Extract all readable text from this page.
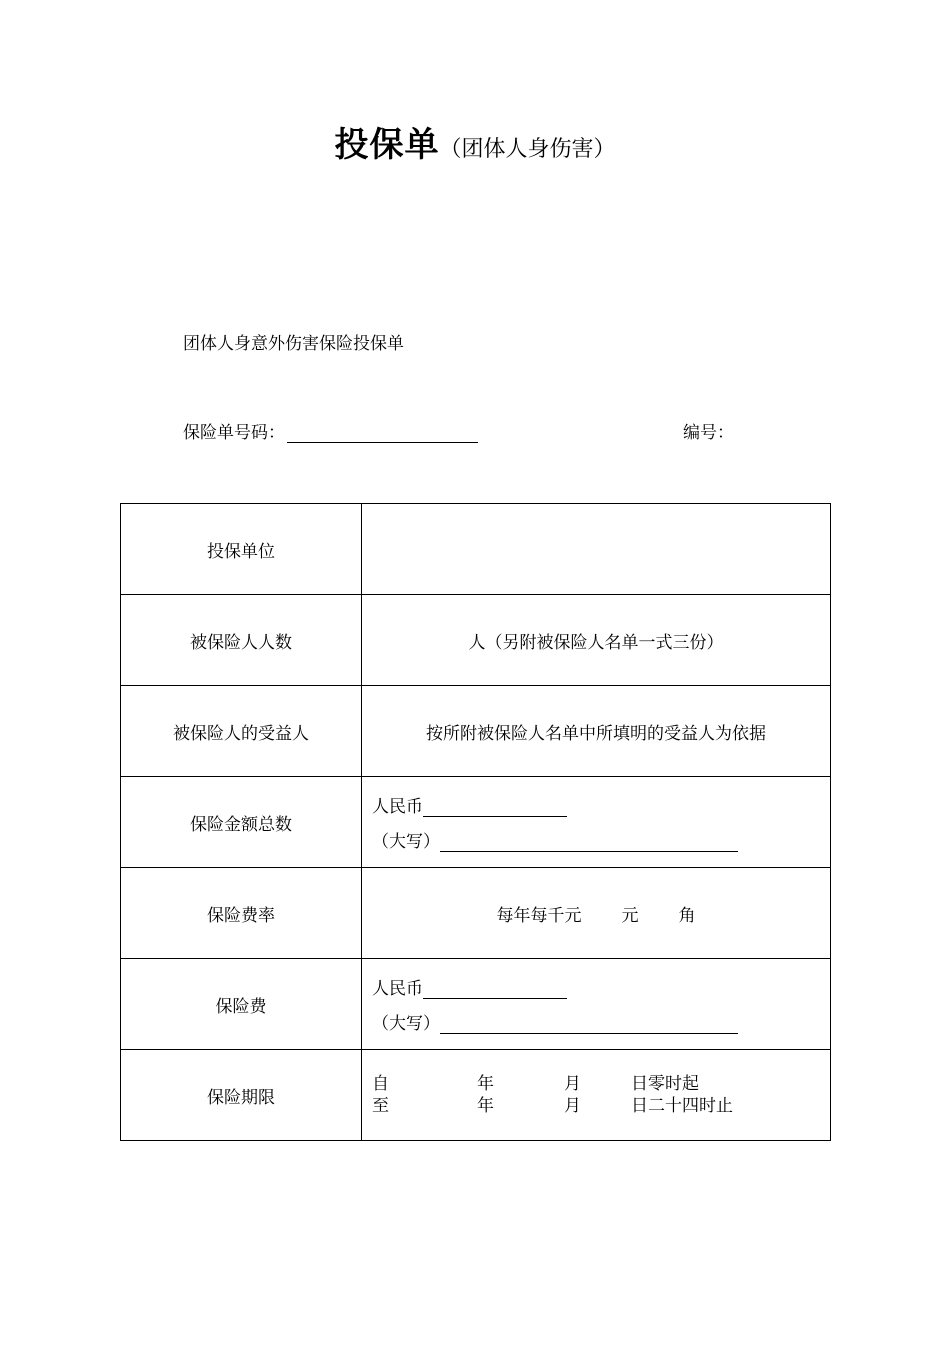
投保单（团体人身伤害）
团体人身意外伤害保险投保单
保险单号码：	编号：
投保单位	
被保险人人数	人（另附被保险人名单一式三份）
被保险人的受益人	按所附被保险人名单中所填明的受益人为依据
保险金额总数	人民币
（大写）

保险费率	每年每千元 元 角
保险费	人民币
（大写）

保险期限	自 年 月 日零时起
至 年 月 日二十四时止
